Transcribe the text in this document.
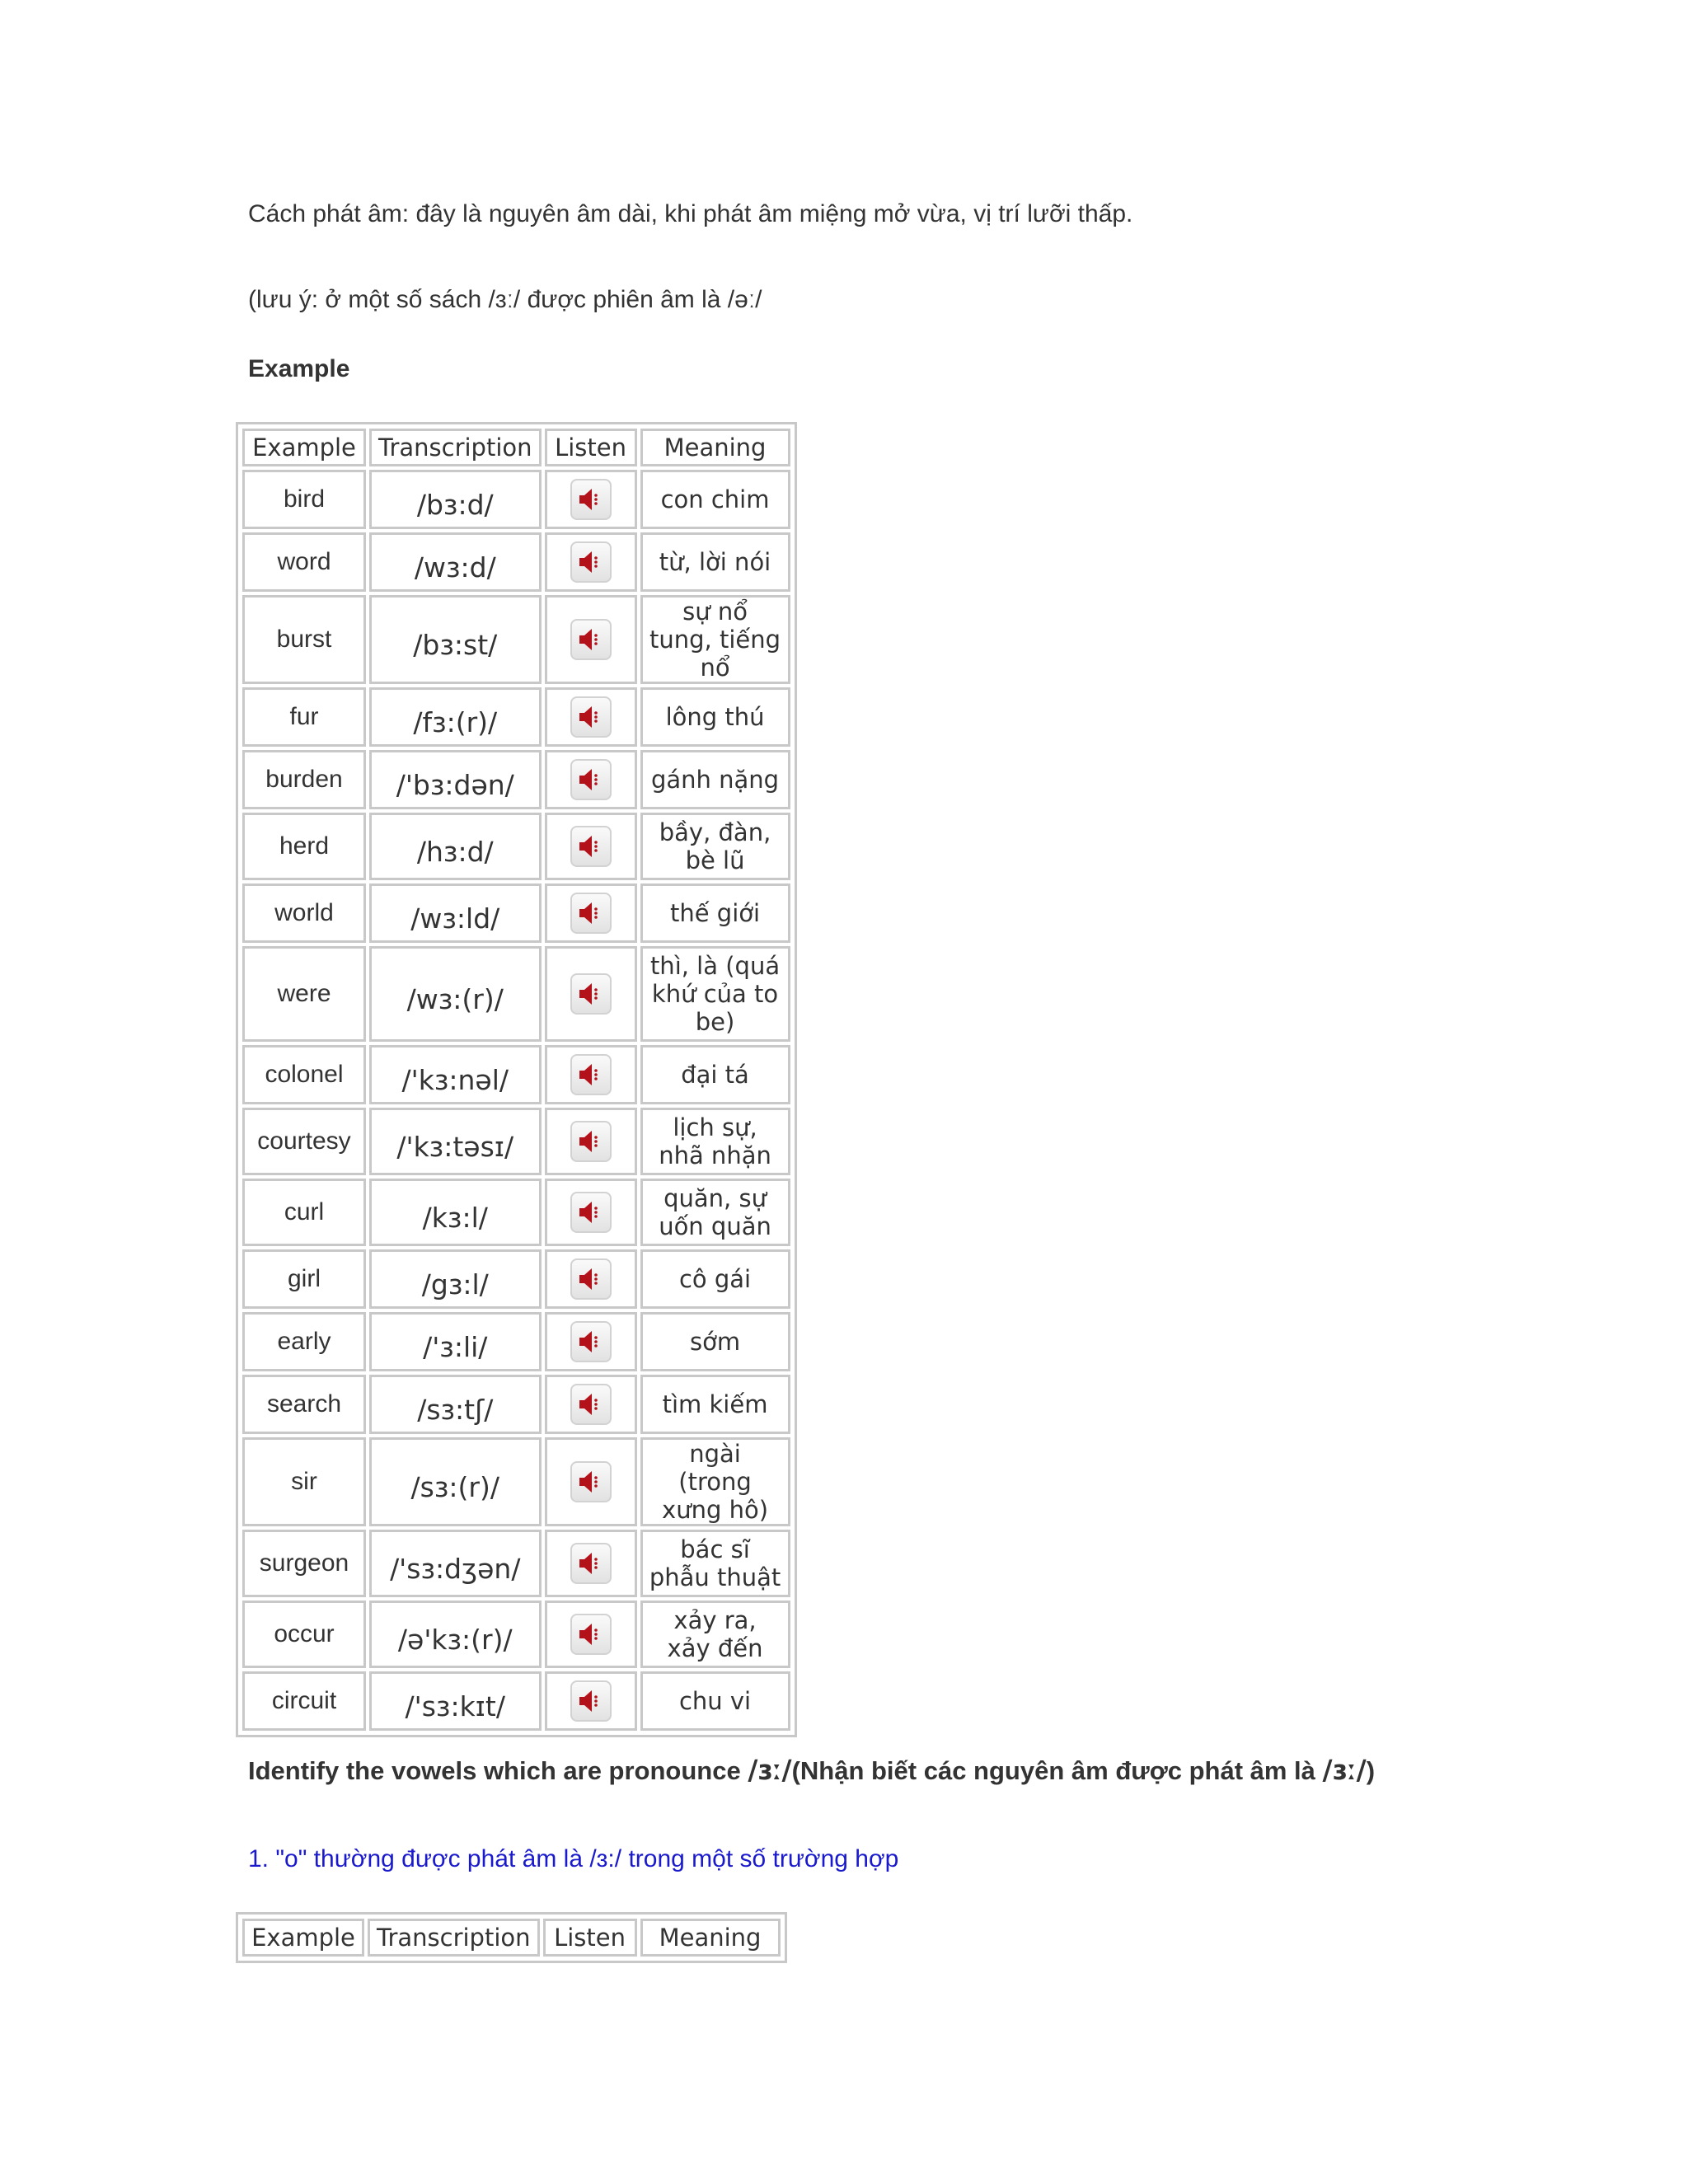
Cách phát âm: đây là nguyên âm dài, khi phát âm miệng mở vừa, vị trí lưỡi thấp.

(lưu ý: ở một số sách /ɜː/ được phiên âm là /əː/

Example

Example	Transcription	Listen	Meaning
bird	/bɜ:d/		con chim
word	/wɜ:d/		từ, lời nói
burst	/bɜ:st/		sự nổ tung, tiếng nổ
fur	/fɜ:(r)/		lông thú
burden	/'bɜ:dən/		gánh nặng
herd	/hɜ:d/		bầy, đàn, bè lũ
world	/wɜ:ld/		thế giới
were	/wɜ:(r)/		thì, là (quá khứ của to be)
colonel	/'kɜ:nəl/		đại tá
courtesy	/'kɜ:təsɪ/		lịch sự, nhã nhặn
curl	/kɜ:l/		quăn, sự uốn quăn
girl	/gɜ:l/		cô gái
early	/'ɜ:li/		sớm
search	/sɜ:tʃ/		tìm kiếm
sir	/sɜ:(r)/		ngài (trong xưng hô)
surgeon	/'sɜ:dʒən/		bác sĩ phẫu thuật
occur	/ə'kɜ:(r)/		xảy ra, xảy đến
circuit	/'sɜ:kɪt/		chu vi

Identify the vowels which are pronounce /ɜː/(Nhận biết các nguyên âm được phát âm là /ɜː/)

1. "o" thường được phát âm là /ɜ:/ trong một số trường hợp

Example	Transcription	Listen	Meaning
